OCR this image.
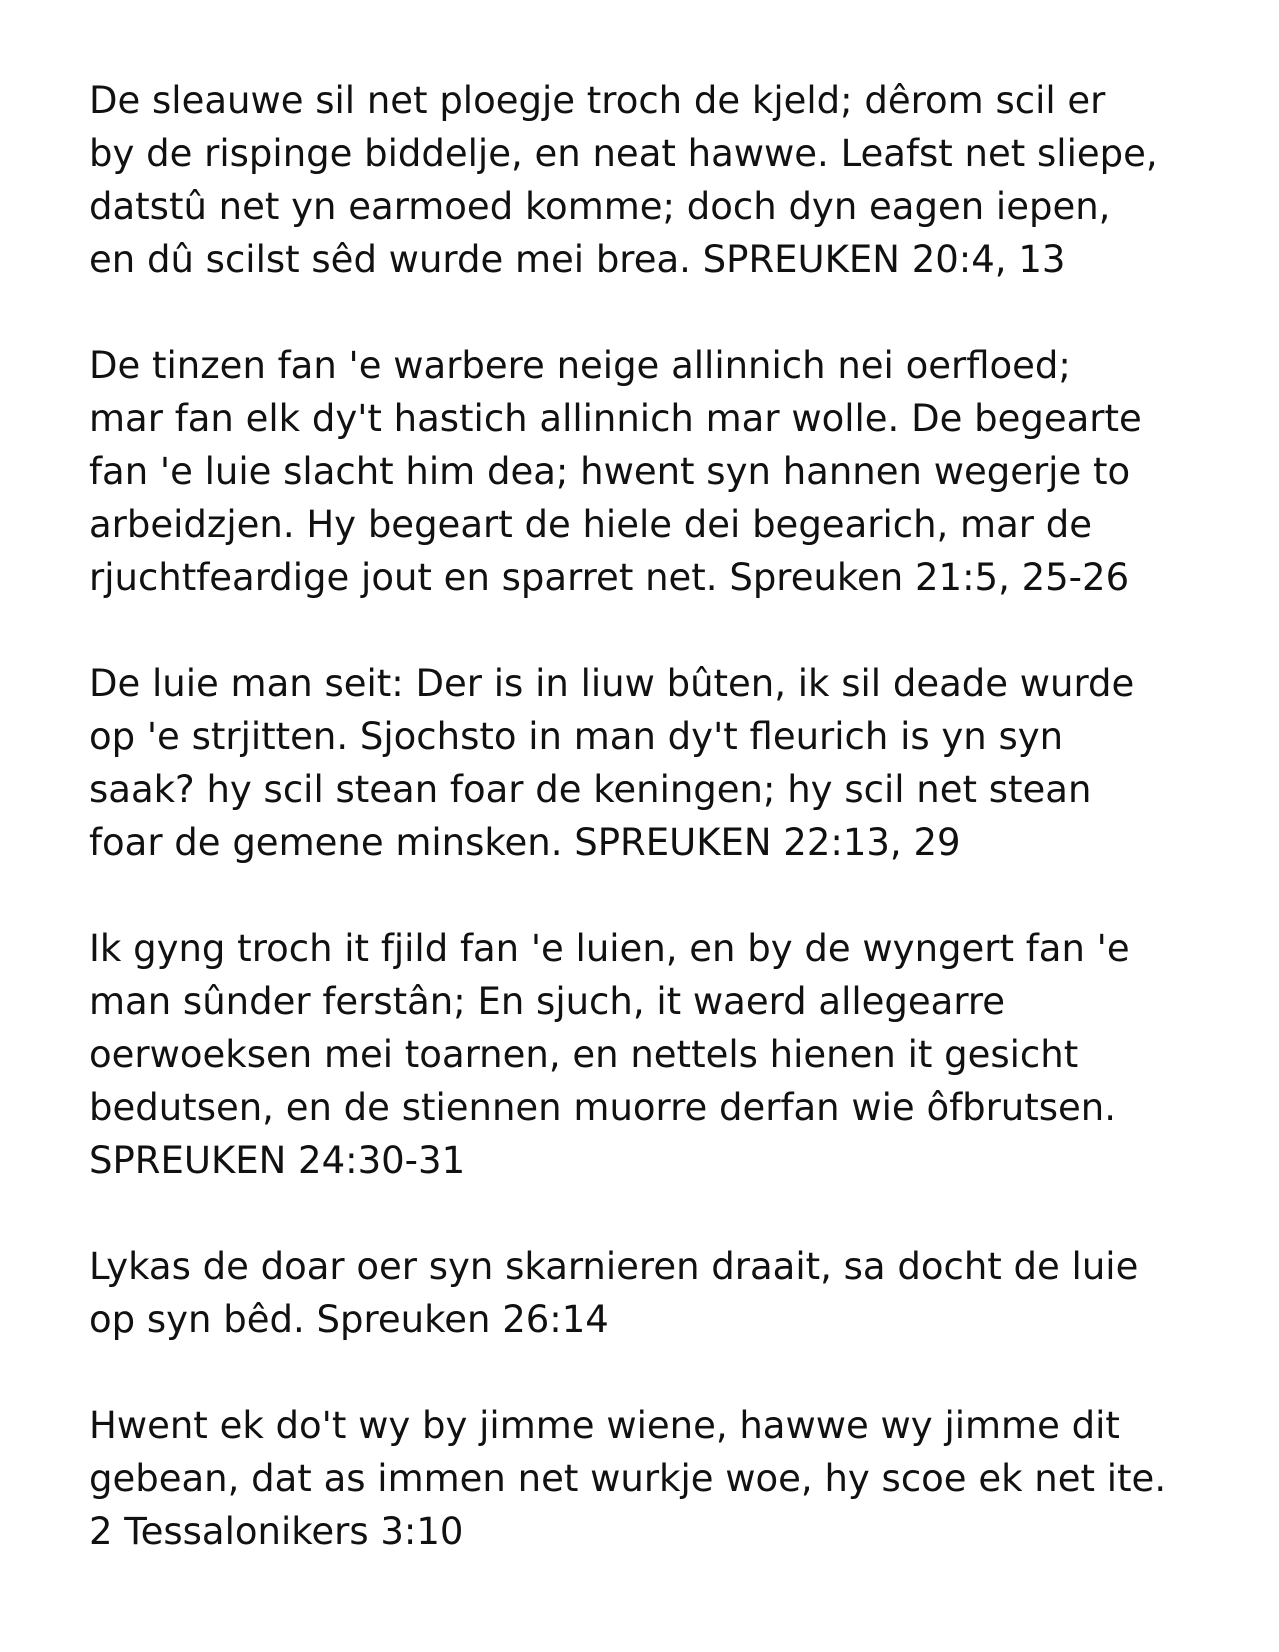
De sleauwe sil net ploegje troch de kjeld; dêrom scil er
by de rispinge biddelje, en neat hawwe. Leafst net sliepe,
datstû net yn earmoed komme; doch dyn eagen iepen,
en dû scilst sêd wurde mei brea. SPREUKEN 20:4, 13

De tinzen fan 'e warbere neige allinnich nei oerfloed;
mar fan elk dy't hastich allinnich mar wolle. De begearte
fan 'e luie slacht him dea; hwent syn hannen wegerje to
arbeidzjen. Hy begeart de hiele dei begearich, mar de
rjuchtfeardige jout en sparret net. Spreuken 21:5, 25-26

De luie man seit: Der is in liuw bûten, ik sil deade wurde
op 'e strjitten. Sjochsto in man dy't fleurich is yn syn
saak? hy scil stean foar de keningen; hy scil net stean
foar de gemene minsken. SPREUKEN 22:13, 29

Ik gyng troch it fjild fan 'e luien, en by de wyngert fan 'e
man sûnder ferstân; En sjuch, it waerd allegearre
oerwoeksen mei toarnen, en nettels hienen it gesicht
bedutsen, en de stiennen muorre derfan wie ôfbrutsen.
SPREUKEN 24:30-31

Lykas de doar oer syn skarnieren draait, sa docht de luie
op syn bêd. Spreuken 26:14

Hwent ek do't wy by jimme wiene, hawwe wy jimme dit
gebean, dat as immen net wurkje woe, hy scoe ek net ite.
2 Tessalonikers 3:10
